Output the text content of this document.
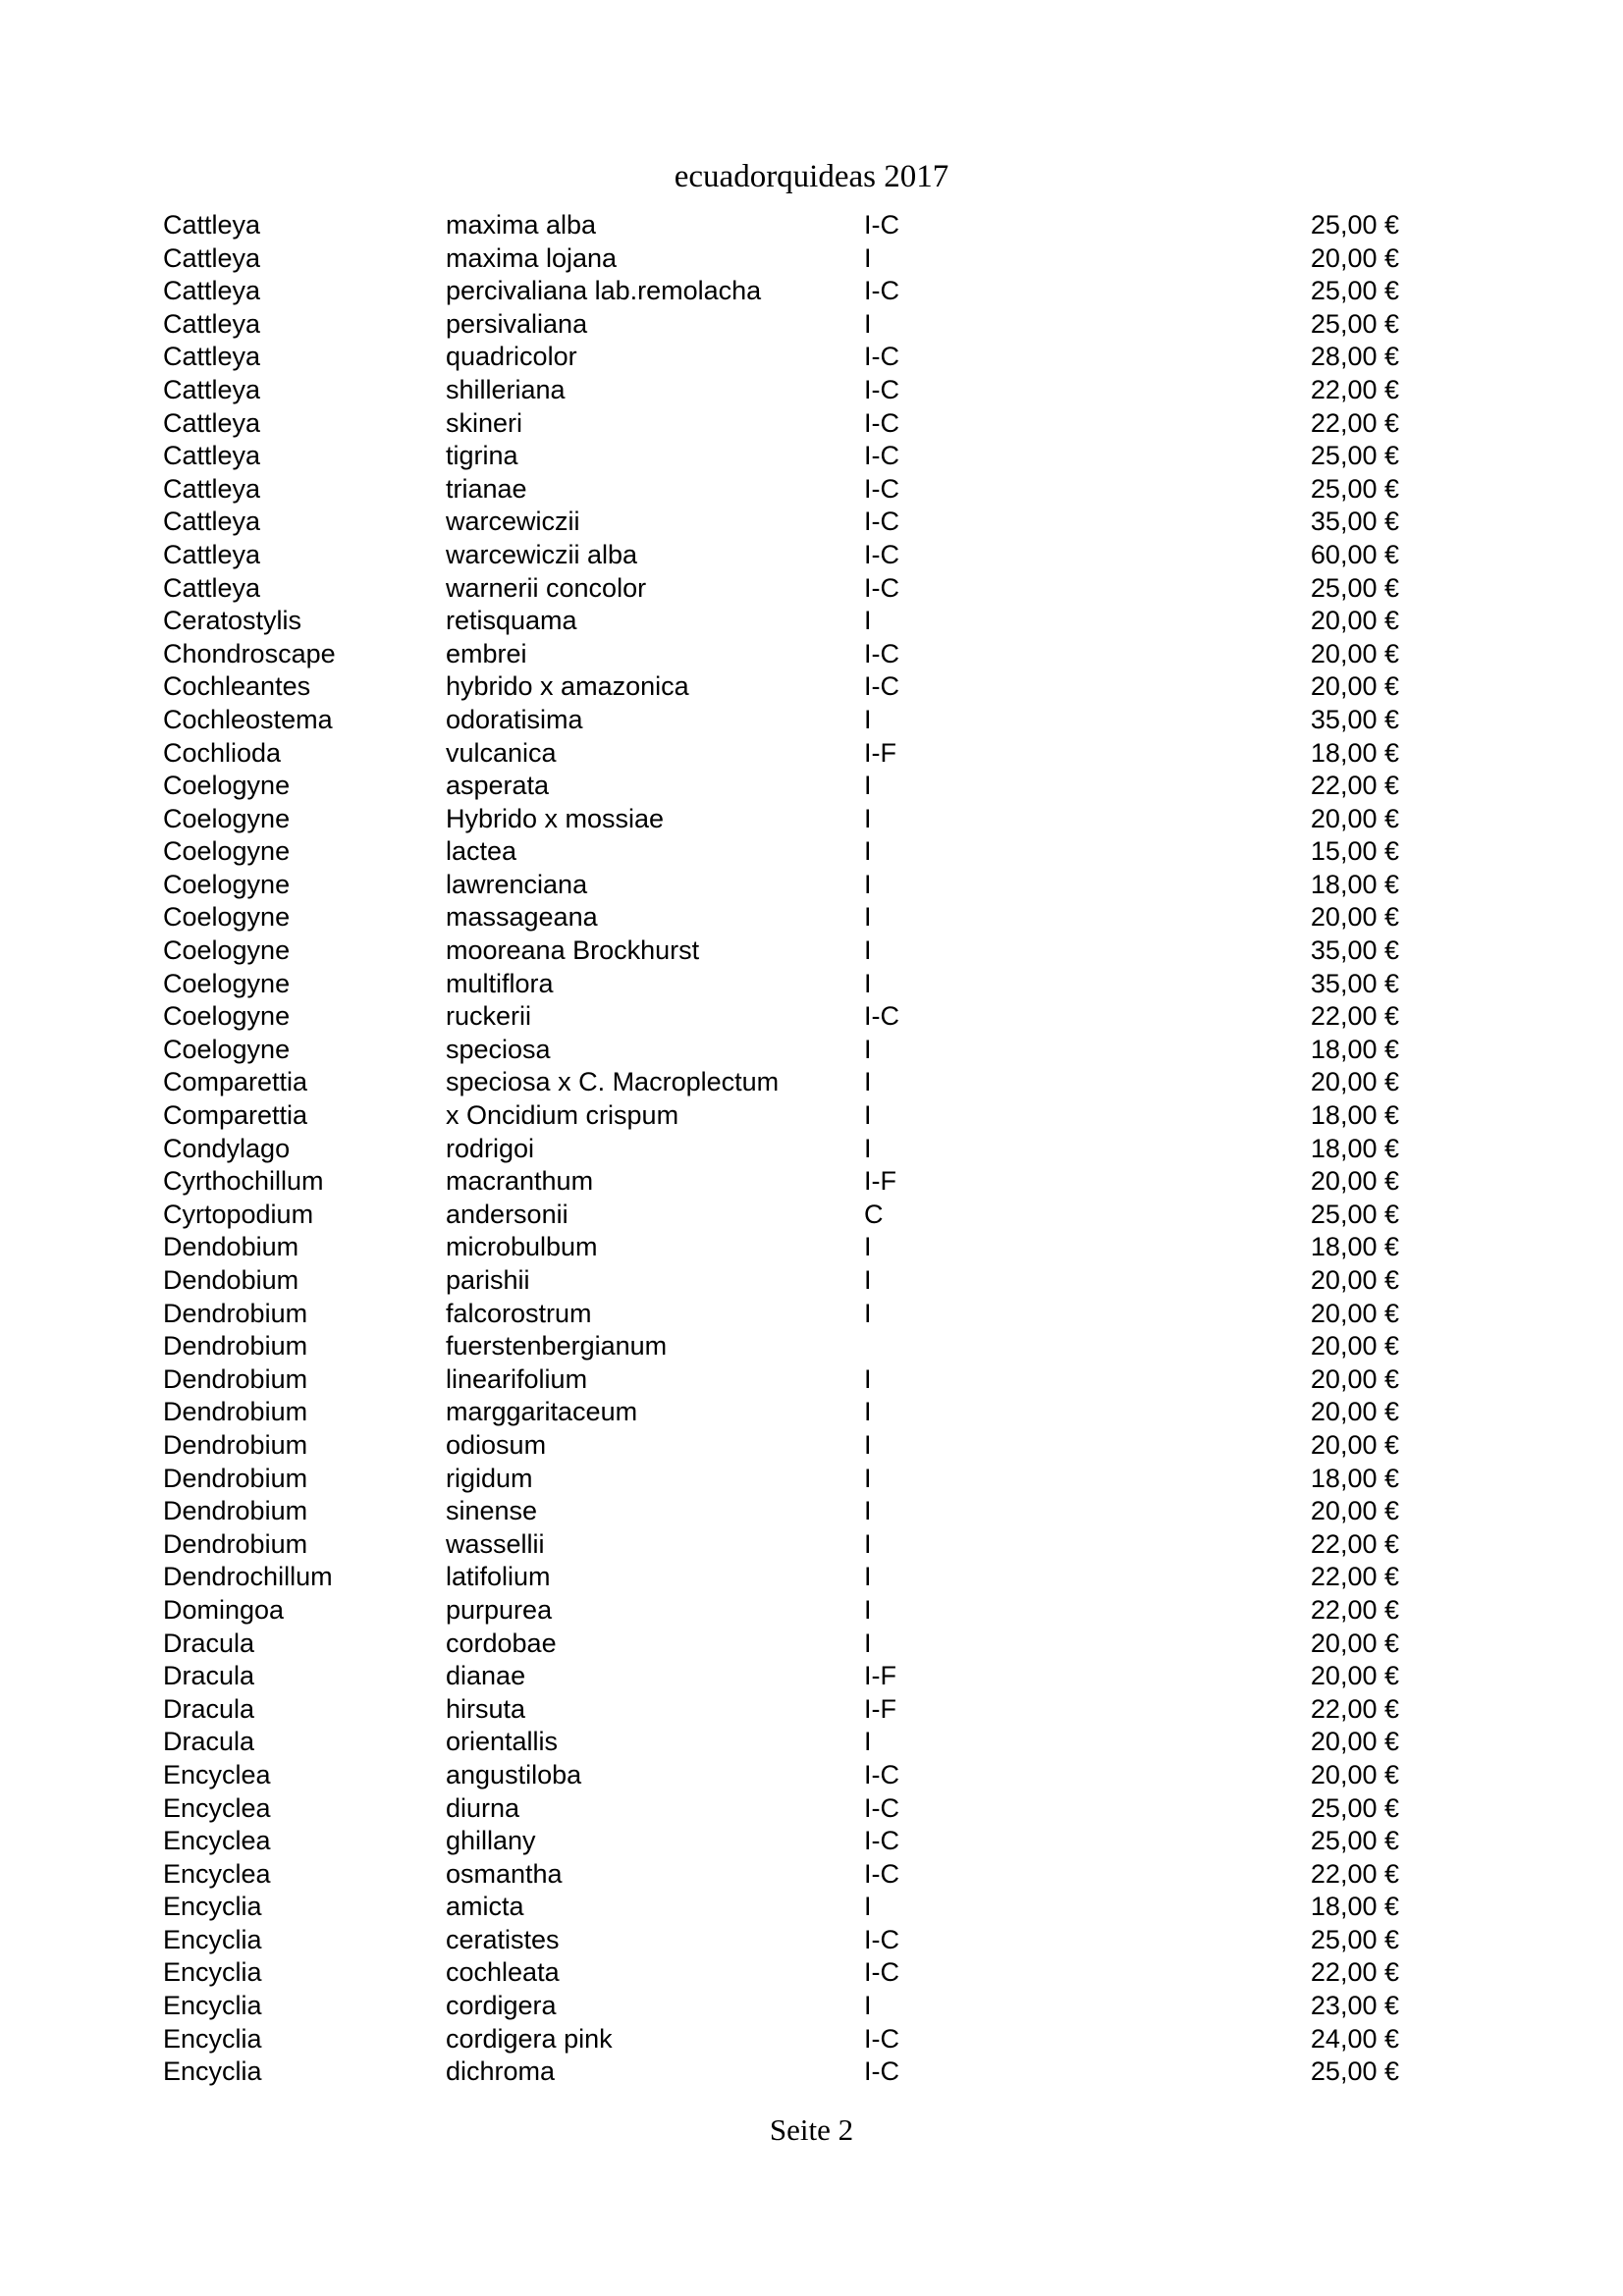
ecuadorquideas 2017
Cattleya	maxima alba	I-C	25,00 €
Cattleya	maxima lojana	I	20,00 €
Cattleya	percivaliana lab.remolacha	I-C	25,00 €
Cattleya	persivaliana	I	25,00 €
Cattleya	quadricolor	I-C	28,00 €
Cattleya	shilleriana	I-C	22,00 €
Cattleya	skineri	I-C	22,00 €
Cattleya	tigrina	I-C	25,00 €
Cattleya	trianae	I-C	25,00 €
Cattleya	warcewiczii	I-C	35,00 €
Cattleya	warcewiczii alba	I-C	60,00 €
Cattleya	warnerii concolor	I-C	25,00 €
Ceratostylis	retisquama	I	20,00 €
Chondroscape	embrei	I-C	20,00 €
Cochleantes	hybrido x amazonica	I-C	20,00 €
Cochleostema	odoratisima	I	35,00 €
Cochlioda	vulcanica	I-F	18,00 €
Coelogyne	asperata	I	22,00 €
Coelogyne	Hybrido x mossiae	I	20,00 €
Coelogyne	lactea	I	15,00 €
Coelogyne	lawrenciana	I	18,00 €
Coelogyne	massageana	I	20,00 €
Coelogyne	mooreana Brockhurst	I	35,00 €
Coelogyne	multiflora	I	35,00 €
Coelogyne	ruckerii	I-C	22,00 €
Coelogyne	speciosa	I	18,00 €
Comparettia	speciosa x C. Macroplectum	I	20,00 €
Comparettia	x Oncidium crispum	I	18,00 €
Condylago	rodrigoi	I	18,00 €
Cyrthochillum	macranthum	I-F	20,00 €
Cyrtopodium	andersonii	C	25,00 €
Dendobium	microbulbum	I	18,00 €
Dendobium	parishii	I	20,00 €
Dendrobium	falcorostrum	I	20,00 €
Dendrobium	fuerstenbergianum		20,00 €
Dendrobium	linearifolium	I	20,00 €
Dendrobium	marggaritaceum	I	20,00 €
Dendrobium	odiosum	I	20,00 €
Dendrobium	rigidum	I	18,00 €
Dendrobium	sinense	I	20,00 €
Dendrobium	wassellii	I	22,00 €
Dendrochillum	latifolium	I	22,00 €
Domingoa	purpurea	I	22,00 €
Dracula	cordobae	I	20,00 €
Dracula	dianae	I-F	20,00 €
Dracula	hirsuta	I-F	22,00 €
Dracula	orientallis	I	20,00 €
Encyclea	angustiloba	I-C	20,00 €
Encyclea	diurna	I-C	25,00 €
Encyclea	ghillany	I-C	25,00 €
Encyclea	osmantha	I-C	22,00 €
Encyclia	amicta	I	18,00 €
Encyclia	ceratistes	I-C	25,00 €
Encyclia	cochleata	I-C	22,00 €
Encyclia	cordigera	I	23,00 €
Encyclia	cordigera pink	I-C	24,00 €
Encyclia	dichroma	I-C	25,00 €
Seite 2
